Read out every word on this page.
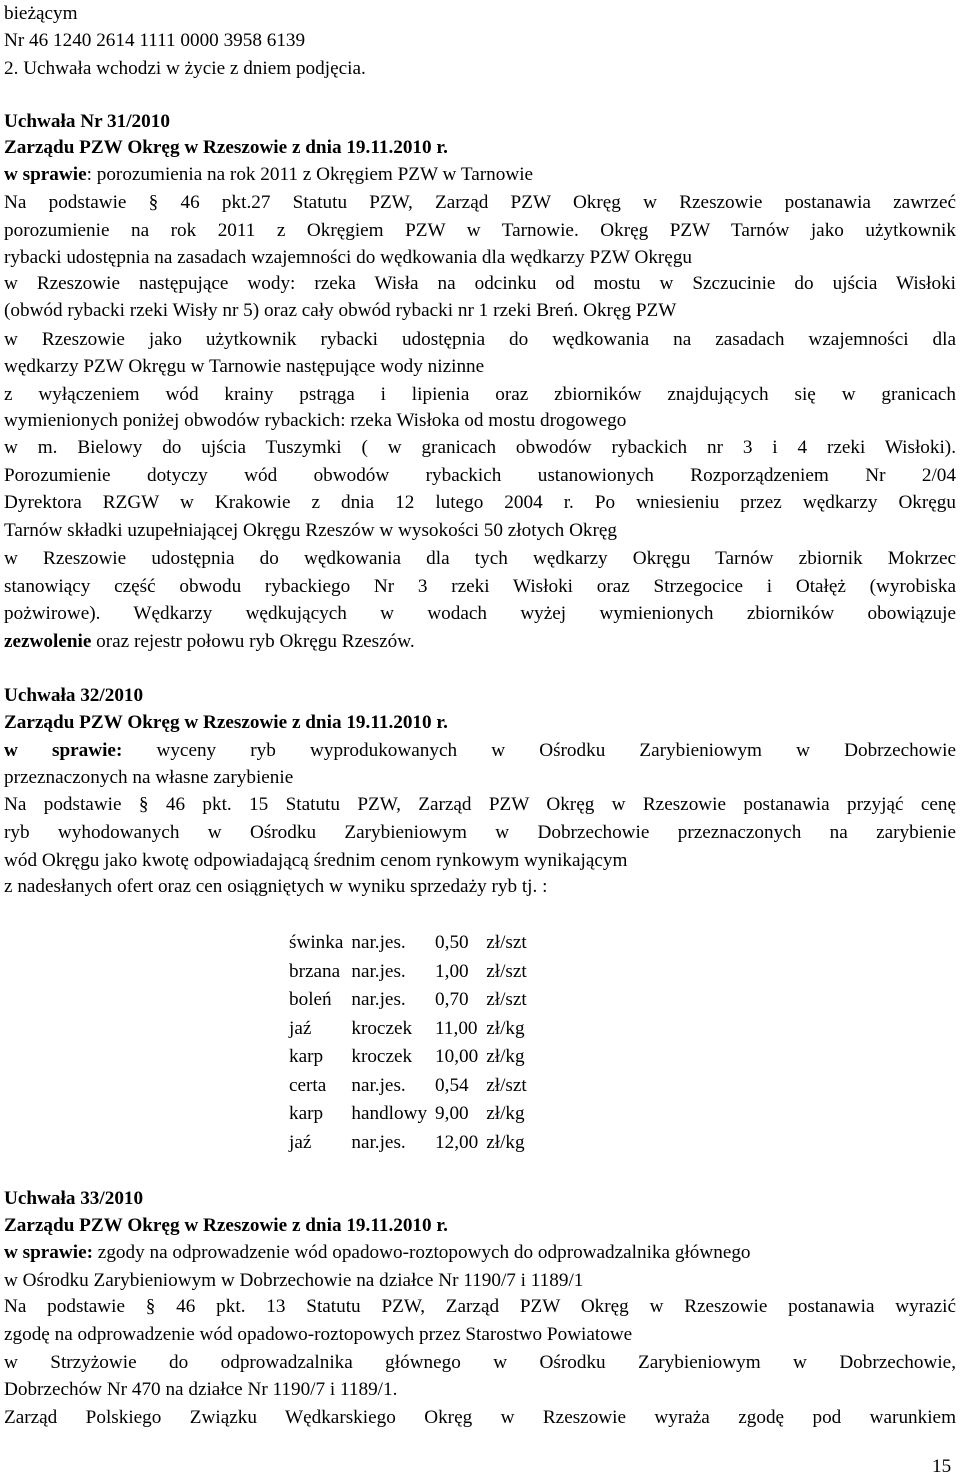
bieżącym
Nr 46 1240 2614 1111 0000 3958 6139
2. Uchwała wchodzi w życie z dniem podjęcia.
Uchwała Nr 31/2010
Zarządu PZW Okręg w Rzeszowie z dnia 19.11.2010 r.
w sprawie: porozumienia na rok 2011 z Okręgiem PZW w Tarnowie
Na podstawie § 46 pkt.27 Statutu PZW, Zarząd PZW Okręg w Rzeszowie postanawia zawrzeć
porozumienie na rok 2011 z Okręgiem PZW w Tarnowie. Okręg PZW Tarnów jako użytkownik
rybacki udostępnia na zasadach wzajemności do wędkowania dla wędkarzy PZW Okręgu
w Rzeszowie następujące wody: rzeka Wisła na odcinku od mostu w Szczucinie do ujścia Wisłoki
(obwód rybacki rzeki Wisły nr 5) oraz cały obwód rybacki nr 1 rzeki Breń. Okręg PZW
w Rzeszowie jako użytkownik rybacki udostępnia do wędkowania na zasadach wzajemności dla
wędkarzy PZW Okręgu w Tarnowie następujące wody nizinne
z wyłączeniem wód krainy pstrąga i lipienia oraz zbiorników znajdujących się w granicach
wymienionych poniżej obwodów rybackich: rzeka Wisłoka od mostu drogowego
w m. Bielowy do ujścia Tuszymki ( w granicach obwodów rybackich nr 3 i 4 rzeki Wisłoki).
Porozumienie dotyczy wód obwodów rybackich ustanowionych Rozporządzeniem Nr 2/04
Dyrektora RZGW w Krakowie z dnia 12 lutego 2004 r. Po wniesieniu przez wędkarzy Okręgu
Tarnów składki uzupełniającej Okręgu Rzeszów w wysokości 50 złotych Okręg
w Rzeszowie udostępnia do wędkowania dla tych wędkarzy Okręgu Tarnów zbiornik Mokrzec
stanowiący część obwodu rybackiego Nr 3 rzeki Wisłoki oraz Strzegocice i Otałęż (wyrobiska
pożwirowe). Wędkarzy wędkujących w wodach wyżej wymienionych zbiorników obowiązuje
zezwolenie oraz rejestr połowu ryb Okręgu Rzeszów.
Uchwała 32/2010
Zarządu PZW Okręg w Rzeszowie z dnia 19.11.2010 r.
w sprawie: wyceny ryb wyprodukowanych w Ośrodku Zarybieniowym w Dobrzechowie
przeznaczonych na własne zarybienie
Na podstawie § 46 pkt. 15 Statutu PZW, Zarząd PZW Okręg w Rzeszowie postanawia przyjąć cenę
ryb wyhodowanych w Ośrodku Zarybieniowym w Dobrzechowie przeznaczonych na zarybienie
wód Okręgu jako kwotę odpowiadającą średnim cenom rynkowym wynikającym
z nadesłanych ofert oraz cen osiągniętych w wyniku sprzedaży ryb tj. :
świnka	nar.jes.	0,50	zł/szt
brzana	nar.jes.	1,00	zł/szt
boleń	nar.jes.	0,70	zł/szt
jaź	kroczek	11,00	zł/kg
karp	kroczek	10,00	zł/kg
certa	nar.jes.	0,54	zł/szt
karp	handlowy	9,00	zł/kg
jaź	nar.jes.	12,00	zł/kg
Uchwała 33/2010
Zarządu PZW Okręg w Rzeszowie z dnia 19.11.2010 r.
w sprawie: zgody na odprowadzenie wód opadowo-roztopowych do odprowadzalnika głównego
w Ośrodku Zarybieniowym w Dobrzechowie na działce Nr 1190/7 i 1189/1
Na podstawie § 46 pkt. 13 Statutu PZW, Zarząd PZW Okręg w Rzeszowie postanawia wyrazić
zgodę na odprowadzenie wód opadowo-roztopowych przez Starostwo Powiatowe
w Strzyżowie do odprowadzalnika głównego w Ośrodku Zarybieniowym w Dobrzechowie,
Dobrzechów Nr 470 na działce Nr 1190/7 i 1189/1.
Zarząd Polskiego Związku Wędkarskiego Okręg w Rzeszowie wyraża zgodę pod warunkiem
15
